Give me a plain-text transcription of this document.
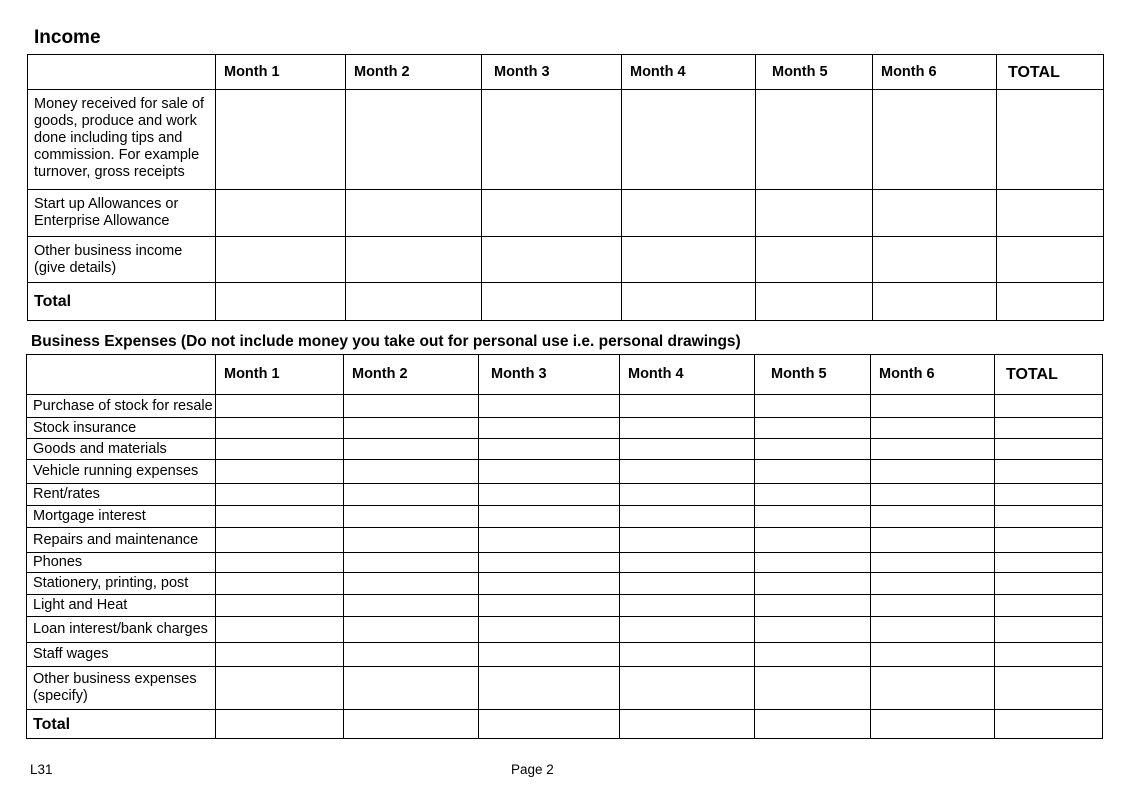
Income
	Month 1	Month 2	Month 3	Month 4	Month 5	Month 6	TOTAL
Money received for sale of goods, produce and work done including tips and commission. For example turnover, gross receipts							
Start up Allowances or Enterprise Allowance							
Other business income (give details)							
Total							
Business Expenses (Do not include money you take out for personal use i.e. personal drawings)
	Month 1	Month 2	Month 3	Month 4	Month 5	Month 6	TOTAL
Purchase of stock for resale							
Stock insurance							
Goods and materials							
Vehicle running expenses							
Rent/rates							
Mortgage interest							
Repairs and maintenance							
Phones							
Stationery, printing, post							
Light and Heat							
Loan interest/bank charges							
Staff wages							
Other business expenses (specify)							
Total							
L31	Page 2
